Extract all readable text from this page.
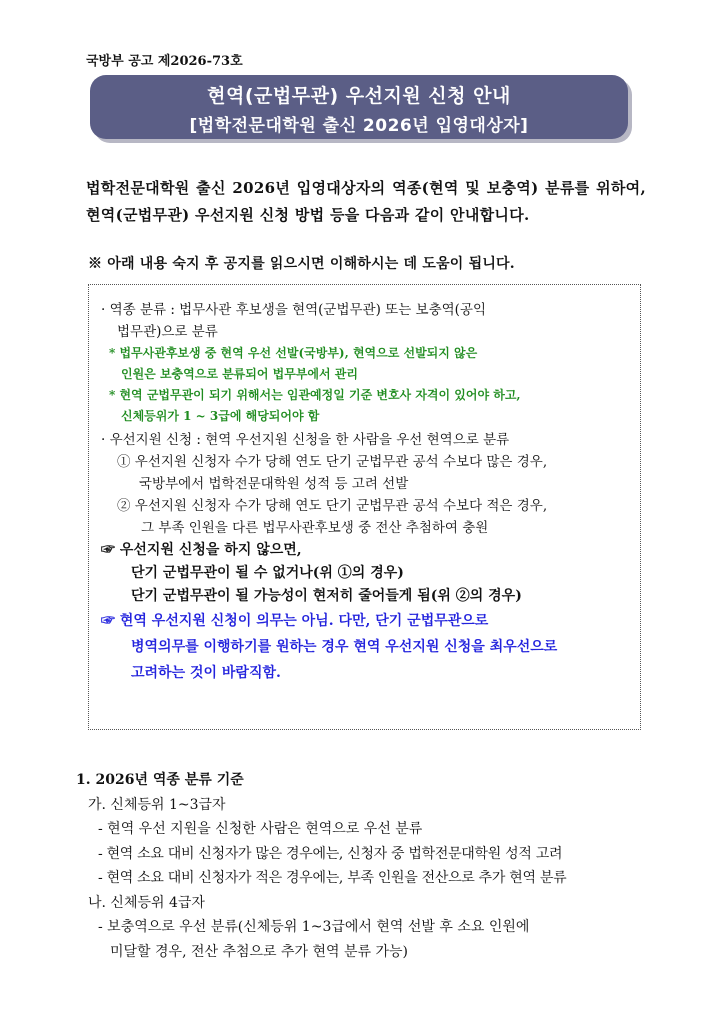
국방부 공고 제2026-73호
현역(군법무관) 우선지원 신청 안내
[법학전문대학원 출신 2026년 입영대상자]
법학전문대학원 출신 2026년 입영대상자의 역종(현역 및 보충역) 분류를 위하여, 현역(군법무관) 우선지원 신청 방법 등을 다음과 같이 안내합니다.
※ 아래 내용 숙지 후 공지를 읽으시면 이해하시는 데 도움이 됩니다.
· 역종 분류 : 법무사관 후보생을 현역(군법무관) 또는 보충역(공익
법무관)으로 분류
* 법무사관후보생 중 현역 우선 선발(국방부), 현역으로 선발되지 않은
인원은 보충역으로 분류되어 법무부에서 관리
* 현역 군법무관이 되기 위해서는 임관예정일 기준 변호사 자격이 있어야 하고,
신체등위가 1 ~ 3급에 해당되어야 함
· 우선지원 신청 : 현역 우선지원 신청을 한 사람을 우선 현역으로 분류
① 우선지원 신청자 수가 당해 연도 단기 군법무관 공석 수보다 많은 경우,
국방부에서 법학전문대학원 성적 등 고려 선발
② 우선지원 신청자 수가 당해 연도 단기 군법무관 공석 수보다 적은 경우,
그 부족 인원을 다른 법무사관후보생 중 전산 추첨하여 충원
☞ 우선지원 신청을 하지 않으면,
단기 군법무관이 될 수 없거나(위 ①의 경우)
단기 군법무관이 될 가능성이 현저히 줄어들게 됨(위 ②의 경우)
☞ 현역 우선지원 신청이 의무는 아님. 다만, 단기 군법무관으로
병역의무를 이행하기를 원하는 경우 현역 우선지원 신청을 최우선으로
고려하는 것이 바람직함.
1. 2026년 역종 분류 기준
가. 신체등위 1~3급자
- 현역 우선 지원을 신청한 사람은 현역으로 우선 분류
- 현역 소요 대비 신청자가 많은 경우에는, 신청자 중 법학전문대학원 성적 고려
- 현역 소요 대비 신청자가 적은 경우에는, 부족 인원을 전산으로 추가 현역 분류
나. 신체등위 4급자
- 보충역으로 우선 분류(신체등위 1~3급에서 현역 선발 후 소요 인원에
미달할 경우, 전산 추첨으로 추가 현역 분류 가능)
